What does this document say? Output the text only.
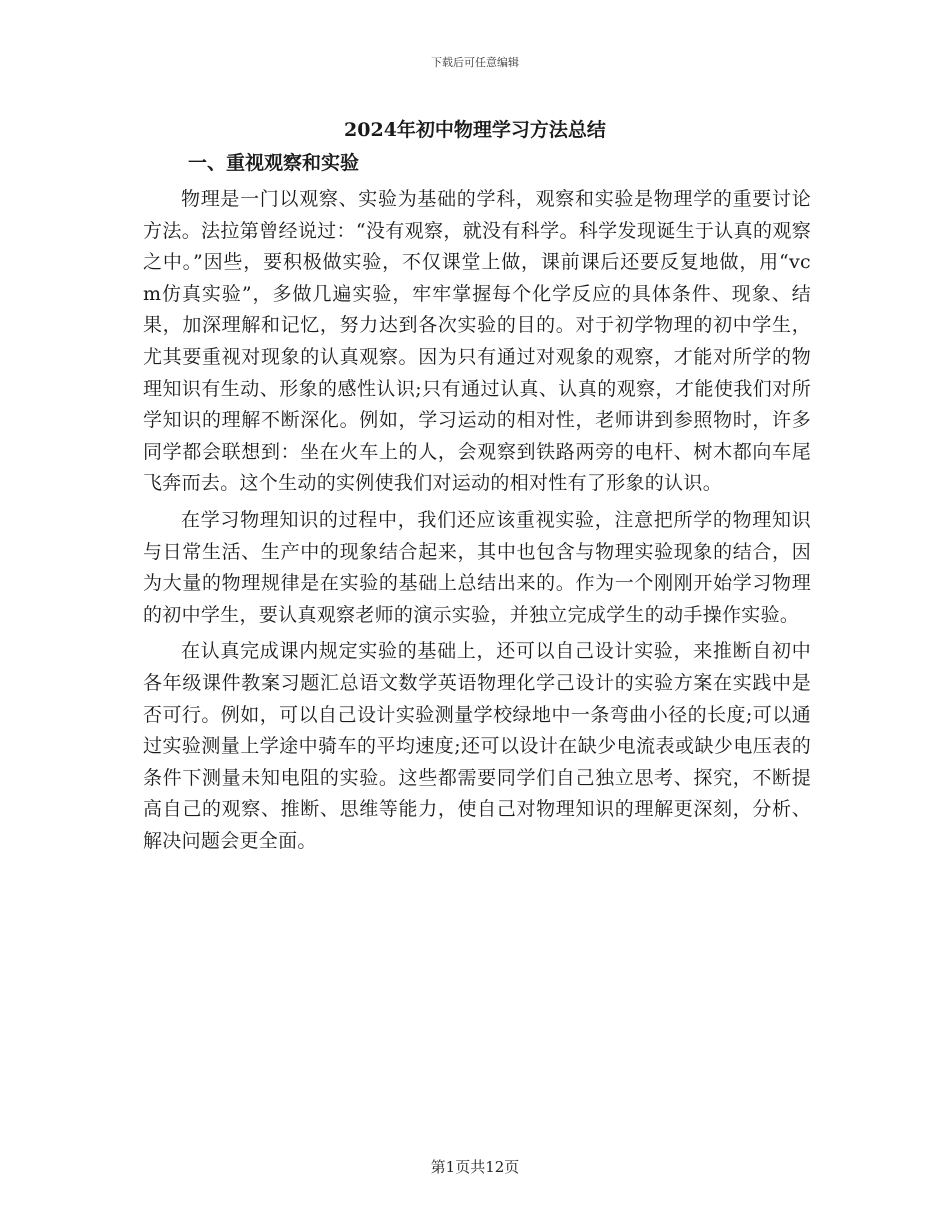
下载后可任意编辑
2024年初中物理学习方法总结
一、重视观察和实验

物理是一门以观察、实验为基础的学科，观察和实验是物理学的重要讨论方法。法拉第曾经说过：“没有观察，就没有科学。科学发现诞生于认真的观察之中。”因些，要积极做实验，不仅课堂上做，课前课后还要反复地做，用“vcm仿真实验”，多做几遍实验，牢牢掌握每个化学反应的具体条件、现象、结果，加深理解和记忆，努力达到各次实验的目的。对于初学物理的初中学生，尤其要重视对现象的认真观察。因为只有通过对观象的观察，才能对所学的物理知识有生动、形象的感性认识;只有通过认真、认真的观察，才能使我们对所学知识的理解不断深化。例如，学习运动的相对性，老师讲到参照物时，许多同学都会联想到：坐在火车上的人，会观察到铁路两旁的电杆、树木都向车尾飞奔而去。这个生动的实例使我们对运动的相对性有了形象的认识。

在学习物理知识的过程中，我们还应该重视实验，注意把所学的物理知识与日常生活、生产中的现象结合起来，其中也包含与物理实验现象的结合，因为大量的物理规律是在实验的基础上总结出来的。作为一个刚刚开始学习物理的初中学生，要认真观察老师的演示实验，并独立完成学生的动手操作实验。

在认真完成课内规定实验的基础上，还可以自己设计实验，来推断自初中各年级课件教案习题汇总语文数学英语物理化学己设计的实验方案在实践中是否可行。例如，可以自己设计实验测量学校绿地中一条弯曲小径的长度;可以通过实验测量上学途中骑车的平均速度;还可以设计在缺少电流表或缺少电压表的条件下测量未知电阻的实验。这些都需要同学们自己独立思考、探究，不断提高自己的观察、推断、思维等能力，使自己对物理知识的理解更深刻，分析、解决问题会更全面。

第1页共12页
